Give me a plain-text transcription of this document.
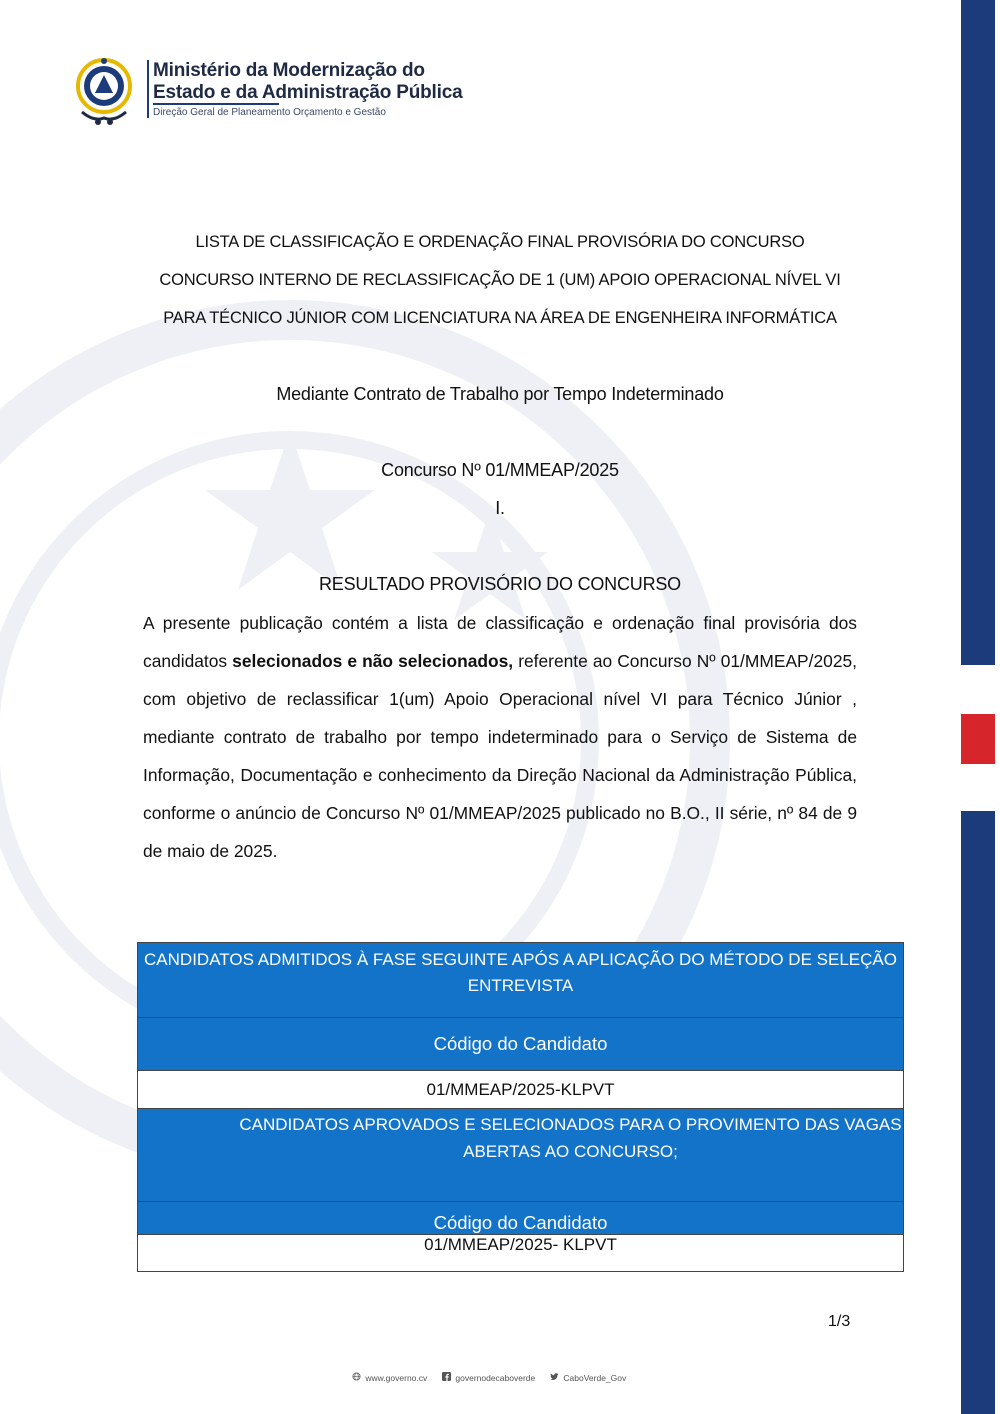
Ministério da Modernização do
Estado e da Administração Pública
Direção Geral de Planeamento Orçamento e Gestão
LISTA DE CLASSIFICAÇÃO E ORDENAÇÃO FINAL PROVISÓRIA DO CONCURSO
CONCURSO INTERNO DE RECLASSIFICAÇÃO DE 1 (UM) APOIO OPERACIONAL NÍVEL VI
PARA TÉCNICO JÚNIOR COM LICENCIATURA NA ÁREA DE ENGENHEIRA INFORMÁTICA
Mediante Contrato de Trabalho por Tempo Indeterminado
Concurso Nº 01/MMEAP/2025
I.
RESULTADO PROVISÓRIO DO CONCURSO
A presente publicação contém a lista de classificação e ordenação final provisória dos candidatos selecionados e não selecionados, referente ao Concurso Nº 01/MMEAP/2025, com objetivo de reclassificar 1(um) Apoio Operacional nível VI para Técnico Júnior , mediante contrato de trabalho por tempo indeterminado para o Serviço de Sistema de Informação, Documentação e conhecimento da Direção Nacional da Administração Pública, conforme o anúncio de Concurso Nº 01/MMEAP/2025 publicado no B.O., II série, nº 84 de 9 de maio de 2025.
CANDIDATOS ADMITIDOS À FASE SEGUINTE APÓS A APLICAÇÃO DO MÉTODO DE SELEÇÃO ENTREVISTA
Código do Candidato
01/MMEAP/2025-KLPVT

CANDIDATOS APROVADOS E SELECIONADOS PARA O PROVIMENTO DAS VAGAS ABERTAS AO CONCURSO;

Código do Candidato
01/MMEAP/2025- KLPVT
1/3
www.governo.cv	governodecaboverde	CaboVerde_Gov
